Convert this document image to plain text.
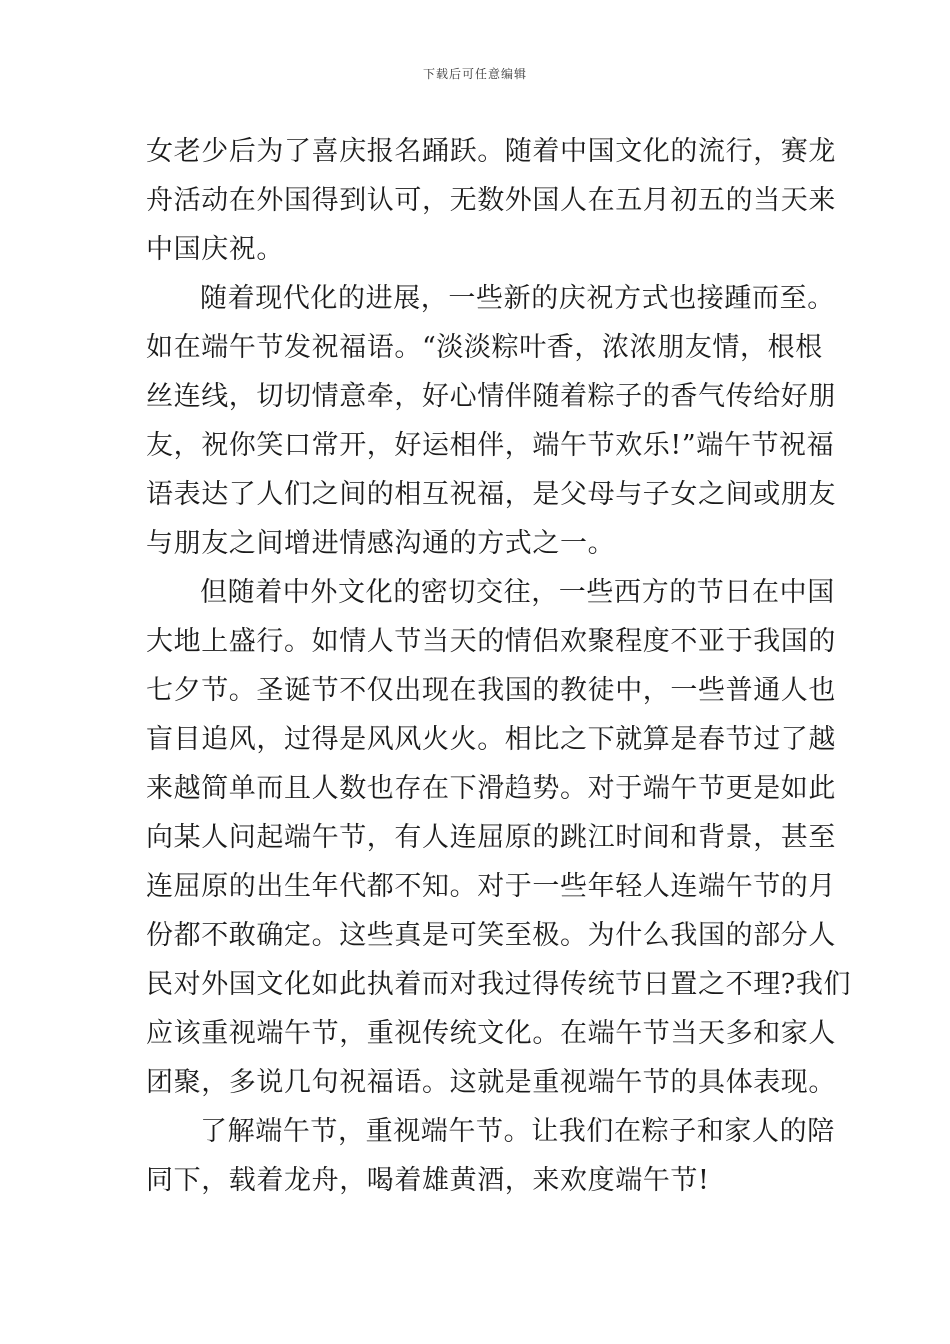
下载后可任意编辑
女老少后为了喜庆报名踊跃。随着中国文化的流行，赛龙
舟活动在外国得到认可，无数外国人在五月初五的当天来
中国庆祝。
随着现代化的进展，一些新的庆祝方式也接踵而至。
如在端午节发祝福语。“淡淡粽叶香，浓浓朋友情，根根
丝连线，切切情意牵，好心情伴随着粽子的香气传给好朋
友，祝你笑口常开，好运相伴，端午节欢乐!”端午节祝福
语表达了人们之间的相互祝福，是父母与子女之间或朋友
与朋友之间增进情感沟通的方式之一。
但随着中外文化的密切交往，一些西方的节日在中国
大地上盛行。如情人节当天的情侣欢聚程度不亚于我国的
七夕节。圣诞节不仅出现在我国的教徒中，一些普通人也
盲目追风，过得是风风火火。相比之下就算是春节过了越
来越简单而且人数也存在下滑趋势。对于端午节更是如此
向某人问起端午节，有人连屈原的跳江时间和背景，甚至
连屈原的出生年代都不知。对于一些年轻人连端午节的月
份都不敢确定。这些真是可笑至极。为什么我国的部分人
民对外国文化如此执着而对我过得传统节日置之不理?我们
应该重视端午节，重视传统文化。在端午节当天多和家人
团聚，多说几句祝福语。这就是重视端午节的具体表现。
了解端午节，重视端午节。让我们在粽子和家人的陪
同下，载着龙舟，喝着雄黄酒，来欢度端午节!
